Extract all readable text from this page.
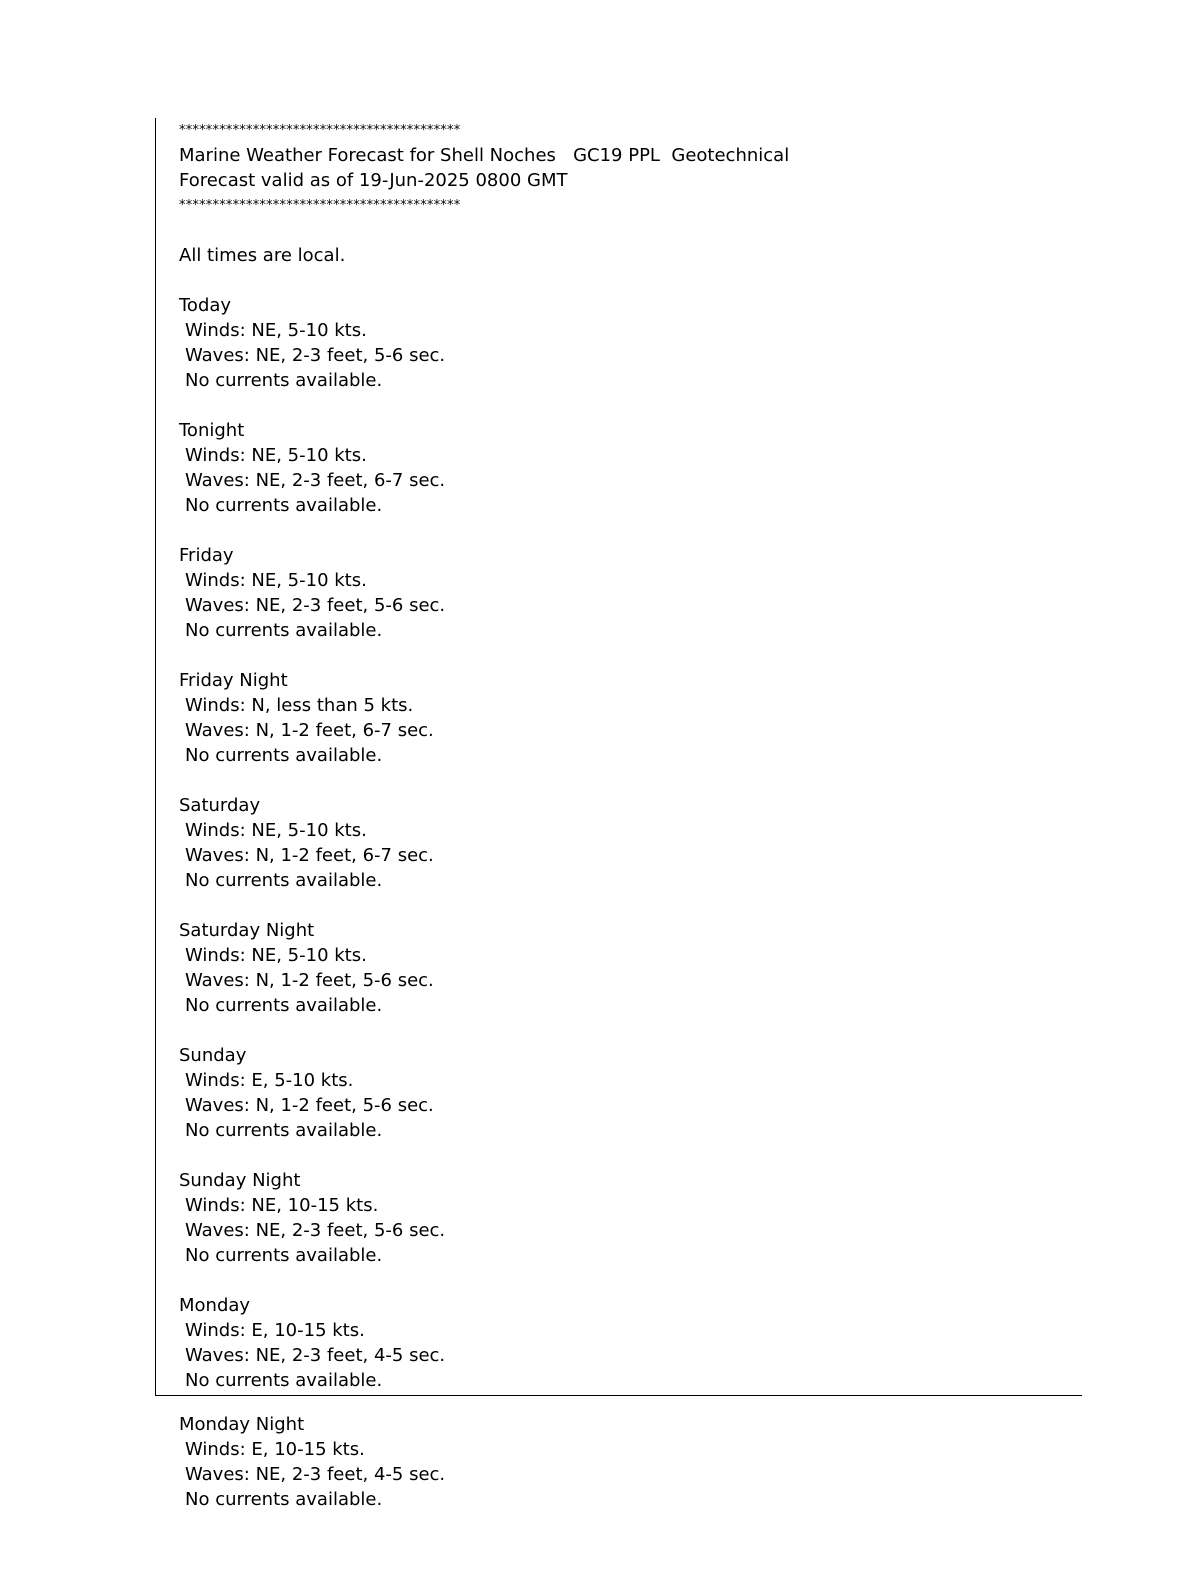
******************************************
Marine Weather Forecast for Shell Noches   GC19 PPL  Geotechnical
Forecast valid as of 19-Jun-2025 0800 GMT
******************************************
All times are local.
Today
Winds: NE, 5-10 kts.
Waves: NE, 2-3 feet, 5-6 sec.
No currents available.
Tonight
Winds: NE, 5-10 kts.
Waves: NE, 2-3 feet, 6-7 sec.
No currents available.
Friday
Winds: NE, 5-10 kts.
Waves: NE, 2-3 feet, 5-6 sec.
No currents available.
Friday Night
Winds: N, less than 5 kts.
Waves: N, 1-2 feet, 6-7 sec.
No currents available.
Saturday
Winds: NE, 5-10 kts.
Waves: N, 1-2 feet, 6-7 sec.
No currents available.
Saturday Night
Winds: NE, 5-10 kts.
Waves: N, 1-2 feet, 5-6 sec.
No currents available.
Sunday
Winds: E, 5-10 kts.
Waves: N, 1-2 feet, 5-6 sec.
No currents available.
Sunday Night
Winds: NE, 10-15 kts.
Waves: NE, 2-3 feet, 5-6 sec.
No currents available.
Monday
Winds: E, 10-15 kts.
Waves: NE, 2-3 feet, 4-5 sec.
No currents available.
Monday Night
Winds: E, 10-15 kts.
Waves: NE, 2-3 feet, 4-5 sec.
No currents available.
